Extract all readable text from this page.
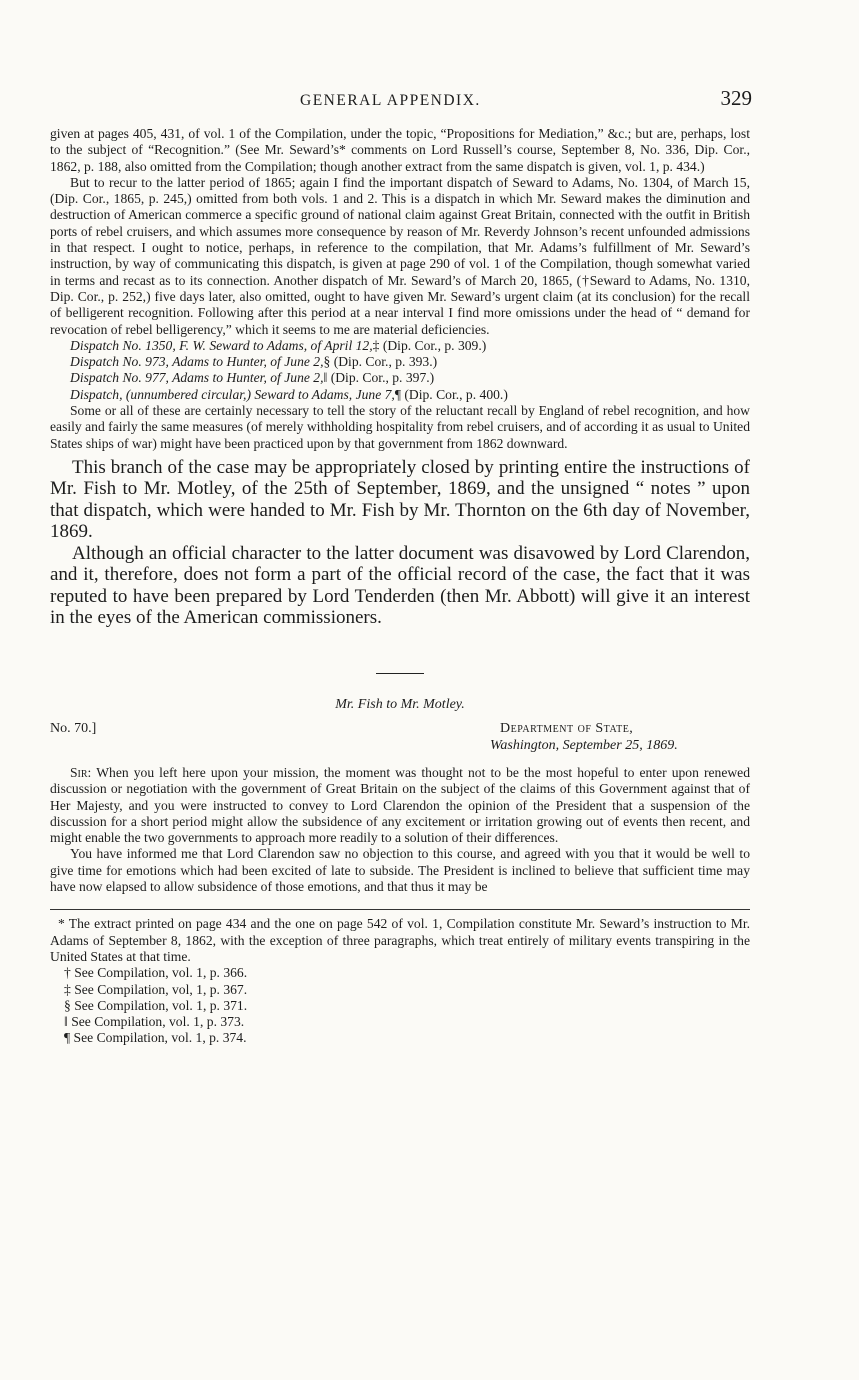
GENERAL APPENDIX.	329

given at pages 405, 431, of vol. 1 of the Compilation, under the topic, “Propositions for Mediation,” &c.; but are, perhaps, lost to the subject of “Recognition.” (See Mr. Seward’s* comments on Lord Russell’s course, September 8, No. 336, Dip. Cor., 1862, p. 188, also omitted from the Compilation; though another extract from the same dispatch is given, vol. 1, p. 434.)

But to recur to the latter period of 1865; again I find the important dispatch of Seward to Adams, No. 1304, of March 15, (Dip. Cor., 1865, p. 245,) omitted from both vols. 1 and 2. This is a dispatch in which Mr. Seward makes the diminution and destruction of American commerce a specific ground of national claim against Great Britain, connected with the outfit in British ports of rebel cruisers, and which assumes more consequence by reason of Mr. Reverdy Johnson’s recent unfounded admissions in that respect. I ought to notice, perhaps, in reference to the compilation, that Mr. Adams’s fulfillment of Mr. Seward’s instruction, by way of communicating this dispatch, is given at page 290 of vol. 1 of the Compilation, though somewhat varied in terms and recast as to its connection. Another dispatch of Mr. Seward’s of March 20, 1865, (†Seward to Adams, No. 1310, Dip. Cor., p. 252,) five days later, also omitted, ought to have given Mr. Seward’s urgent claim (at its conclusion) for the recall of belligerent recognition. Following after this period at a near interval I find more omissions under the head of “ demand for revocation of rebel belligerency,” which it seems to me are material deficiencies.

Dispatch No. 1350, F. W. Seward to Adams, of April 12,‡ (Dip. Cor., p. 309.)
Dispatch No. 973, Adams to Hunter, of June 2,§ (Dip. Cor., p. 393.)
Dispatch No. 977, Adams to Hunter, of June 2,‖ (Dip. Cor., p. 397.)
Dispatch, (unnumbered circular,) Seward to Adams, June 7,¶ (Dip. Cor., p. 400.)

Some or all of these are certainly necessary to tell the story of the reluctant recall by England of rebel recognition, and how easily and fairly the same measures (of merely withholding hospitality from rebel cruisers, and of according it as usual to United States ships of war) might have been practiced upon by that government from 1862 downward.

This branch of the case may be appropriately closed by printing entire the instructions of Mr. Fish to Mr. Motley, of the 25th of September, 1869, and the unsigned “ notes ” upon that dispatch, which were handed to Mr. Fish by Mr. Thornton on the 6th day of November, 1869.

Although an official character to the latter document was disavowed by Lord Clarendon, and it, therefore, does not form a part of the official record of the case, the fact that it was reputed to have been prepared by Lord Tenderden (then Mr. Abbott) will give it an interest in the eyes of the American commissioners.

Mr. Fish to Mr. Motley.
No. 70.]	Department of State,
Washington, September 25, 1869.

Sir: When you left here upon your mission, the moment was thought not to be the most hopeful to enter upon renewed discussion or negotiation with the government of Great Britain on the subject of the claims of this Government against that of Her Majesty, and you were instructed to convey to Lord Clarendon the opinion of the President that a suspension of the discussion for a short period might allow the subsidence of any excitement or irritation growing out of events then recent, and might enable the two governments to approach more readily to a solution of their differences.

You have informed me that Lord Clarendon saw no objection to this course, and agreed with you that it would be well to give time for emotions which had been excited of late to subside. The President is inclined to believe that sufficient time may have now elapsed to allow subsidence of those emotions, and that thus it may be

* The extract printed on page 434 and the one on page 542 of vol. 1, Compilation constitute Mr. Seward’s instruction to Mr. Adams of September 8, 1862, with the exception of three paragraphs, which treat entirely of military events transpiring in the United States at that time.

† See Compilation, vol. 1, p. 366.
‡ See Compilation, vol, 1, p. 367.
§ See Compilation, vol. 1, p. 371.
‖ See Compilation, vol. 1, p. 373.
¶ See Compilation, vol. 1, p. 374.
